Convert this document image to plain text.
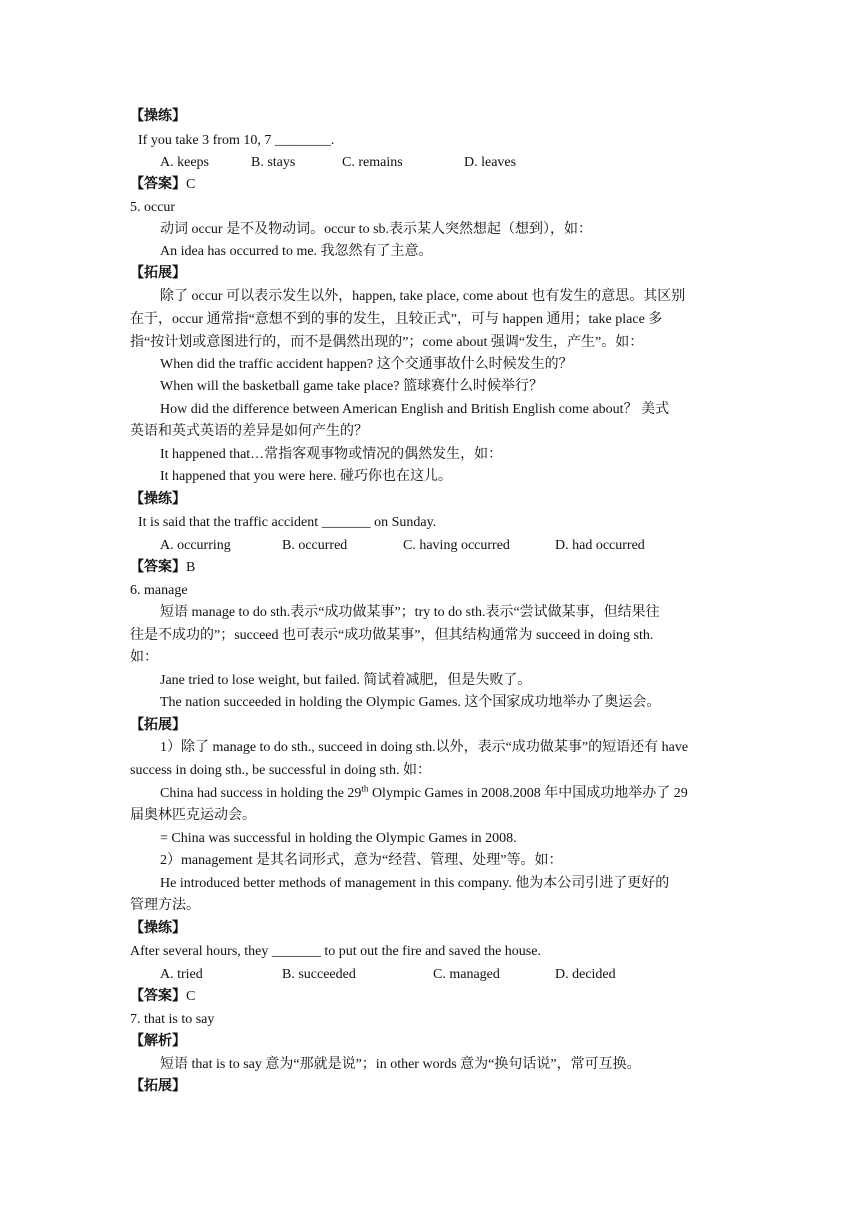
【操练】
If you take 3 from 10, 7 ________.
A. keeps	B. stays	C. remains	D. leaves
【答案】C
5. occur
动词 occur 是不及物动词。occur to sb.表示某人突然想起（想到），如：
An idea has occurred to me. 我忽然有了主意。
【拓展】
除了 occur 可以表示发生以外，happen, take place, come about 也有发生的意思。其区别
在于，occur 通常指“意想不到的事的发生，且较正式”，可与 happen 通用；take place 多
指“按计划或意图进行的，而不是偶然出现的”；come about 强调“发生，产生”。如：
When did the traffic accident happen? 这个交通事故什么时候发生的？
When will the basketball game take place? 篮球赛什么时候举行？
How did the difference between American English and British English come about？ 美式
英语和英式英语的差异是如何产生的？
It happened that…常指客观事物或情况的偶然发生，如：
It happened that you were here. 碰巧你也在这儿。
【操练】
It is said that the traffic accident _______ on Sunday.
A. occurring	B. occurred	C. having occurred	D. had occurred
【答案】B
6. manage
短语 manage to do sth.表示“成功做某事”；try to do sth.表示“尝试做某事，但结果往
往是不成功的”；succeed 也可表示“成功做某事”，但其结构通常为 succeed in doing sth.
如：
Jane tried to lose weight, but failed. 简试着减肥，但是失败了。
The nation succeeded in holding the Olympic Games. 这个国家成功地举办了奥运会。
【拓展】
1）除了 manage to do sth., succeed in doing sth.以外，表示“成功做某事”的短语还有 have
success in doing sth., be successful in doing sth. 如：
China had success in holding the 29th Olympic Games in 2008.2008 年中国成功地举办了 29
届奥林匹克运动会。
= China was successful in holding the Olympic Games in 2008.
2）management 是其名词形式，意为“经营、管理、处理”等。如：
He introduced better methods of management in this company. 他为本公司引进了更好的
管理方法。
【操练】
After several hours, they _______ to put out the fire and saved the house.
A. tried	B. succeeded	C. managed	D. decided
【答案】C
7. that is to say
【解析】
短语 that is to say 意为“那就是说”；in other words 意为“换句话说”，常可互换。
【拓展】
